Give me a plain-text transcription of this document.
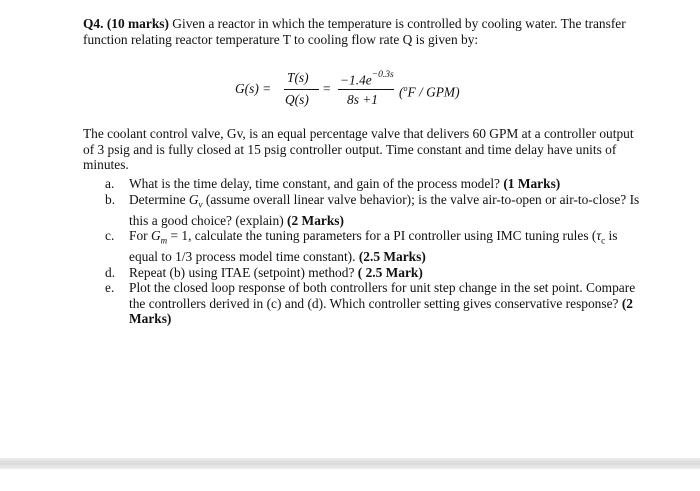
Q4. (10 marks) Given a reactor in which the temperature is controlled by cooling water. The transfer function relating reactor temperature T to cooling flow rate Q is given by:
G(s) =
T(s)
Q(s)
=
$-1.4e^{-0.3s}$
8s +1
($^o$F / GPM)
The coolant control valve, Gv, is an equal percentage valve that delivers 60 GPM at a controller output of 3 psig and is fully closed at 15 psig controller output. Time constant and time delay have units of minutes.
a.	What is the time delay, time constant, and gain of the process model? (1 Marks)
b.	Determine $G_v$ (assume overall linear valve behavior); is the valve air-to-open or air-to-close? Is this a good choice? (explain) (2 Marks)
c.	For $G_m = 1$, calculate the tuning parameters for a PI controller using IMC tuning rules ($\tau_c$ is equal to 1/3 process model time constant). (2.5 Marks)
d.	Repeat (b) using ITAE (setpoint) method? ( 2.5 Mark)
e.	Plot the closed loop response of both controllers for unit step change in the set point. Compare the controllers derived in (c) and (d). Which controller setting gives conservative response? (2 Marks)
